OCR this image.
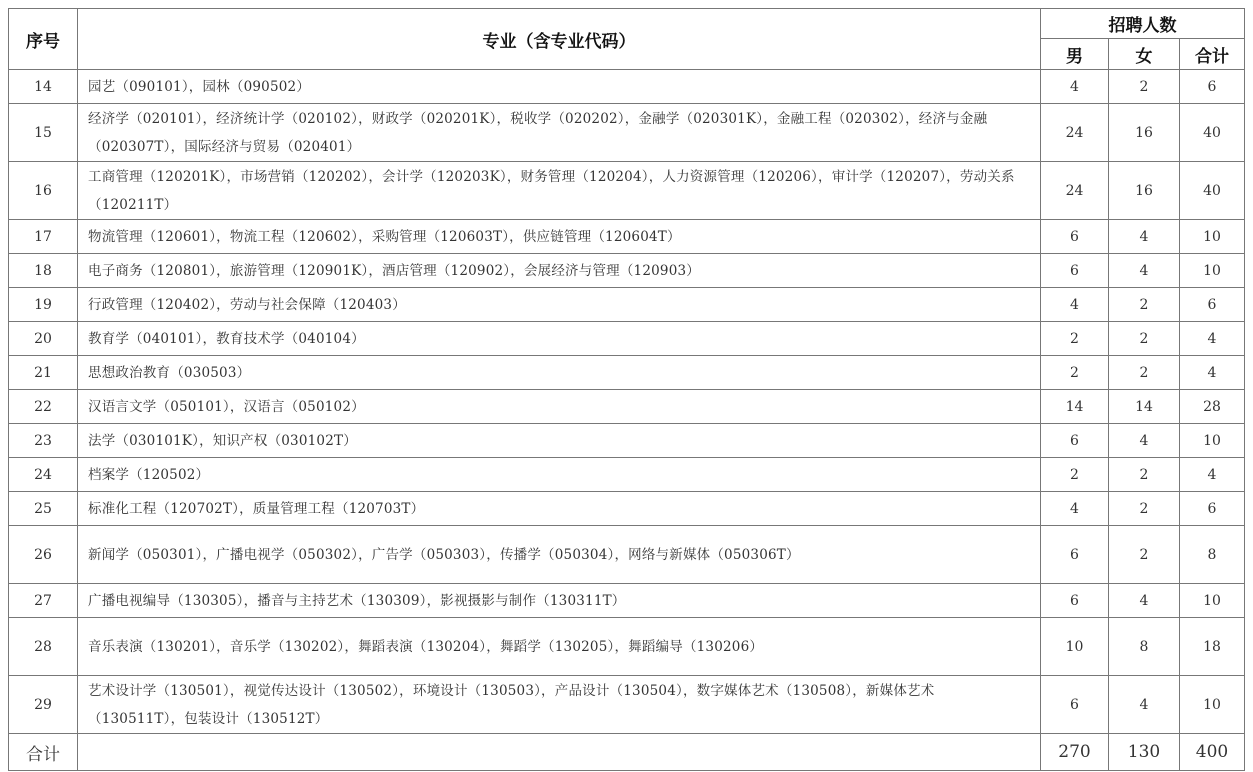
序号	专业（含专业代码）	招聘人数		
		男	女	合计
14	园艺（090101），园林（090502）	4	2	6
15	经济学（020101），经济统计学（020102），财政学（020201K），税收学（020202），金融学（020301K），金融工程（020302），经济与金融（020307T），国际经济与贸易（020401）	24	16	40
16	工商管理（120201K），市场营销（120202），会计学（120203K），财务管理（120204），人力资源管理（120206），审计学（120207），劳动关系（120211T）	24	16	40
17	物流管理（120601），物流工程（120602），采购管理（120603T），供应链管理（120604T）	6	4	10
18	电子商务（120801），旅游管理（120901K），酒店管理（120902），会展经济与管理（120903）	6	4	10
19	行政管理（120402），劳动与社会保障（120403）	4	2	6
20	教育学（040101），教育技术学（040104）	2	2	4
21	思想政治教育（030503）	2	2	4
22	汉语言文学（050101），汉语言（050102）	14	14	28
23	法学（030101K），知识产权（030102T）	6	4	10
24	档案学（120502）	2	2	4
25	标准化工程（120702T），质量管理工程（120703T）	4	2	6
26	新闻学（050301），广播电视学（050302），广告学（050303），传播学（050304），网络与新媒体（050306T）	6	2	8
27	广播电视编导（130305），播音与主持艺术（130309），影视摄影与制作（130311T）	6	4	10
28	音乐表演（130201），音乐学（130202），舞蹈表演（130204），舞蹈学（130205），舞蹈编导（130206）	10	8	18
29	艺术设计学（130501），视觉传达设计（130502），环境设计（130503），产品设计（130504），数字媒体艺术（130508），新媒体艺术（130511T），包装设计（130512T）	6	4	10
合计		270	130	400
